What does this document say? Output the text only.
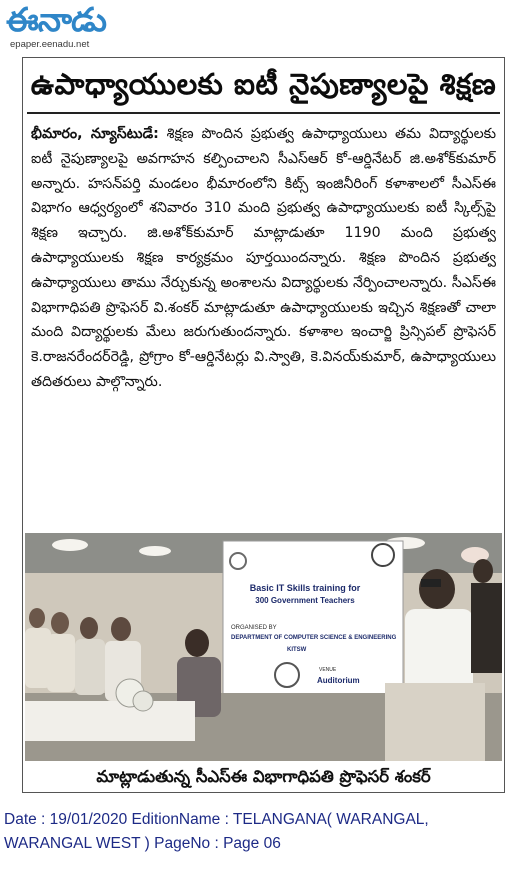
ఈనాడు
epaper.eenadu.net
ఉపాధ్యాయులకు ఐటీ నైపుణ్యాలపై శిక్షణ
భీమారం, న్యూస్‌టుడే: శిక్షణ పొందిన ప్రభుత్వ ఉపాధ్యాయులు తమ విద్యార్థులకు ఐటీ నైపుణ్యాలపై అవగాహన కల్పించాలని సీఎస్‌ఆర్ కో-ఆర్డినేటర్ జి.అశోక్‌కుమార్ అన్నారు. హసన్‌పర్తి మండలం భీమారంలోని కిట్స్ ఇంజినీరింగ్ కళాశాలలో సీఎస్‌ఈ విభాగం ఆధ్వర్యంలో శనివారం 310 మంది ప్రభుత్వ ఉపాధ్యాయులకు ఐటీ స్కిల్స్‌పై శిక్షణ ఇచ్చారు. జి.అశోక్‌కుమార్ మాట్లాడుతూ 1190 మంది ప్రభుత్వ ఉపాధ్యాయులకు శిక్షణ కార్యక్రమం పూర్తయిందన్నారు. శిక్షణ పొందిన ప్రభుత్వ ఉపాధ్యాయులు తాము నేర్చుకున్న అంశాలను విద్యార్థులకు నేర్పించాలన్నారు. సీఎస్‌ఈ విభాగాధిపతి ప్రొఫెసర్ వి.శంకర్ మాట్లాడుతూ ఉపాధ్యాయులకు ఇచ్చిన శిక్షణతో చాలా మంది విద్యార్థులకు మేలు జరుగుతుందన్నారు. కళాశాల ఇంచార్జి ప్రిన్సిపల్ ప్రొఫెసర్ కె.రాజనరేందర్‌రెడ్డి, ప్రోగ్రాం కో-ఆర్డినేటర్లు వి.స్వాతి, కె.వినయ్‌కుమార్, ఉపాధ్యాయులు తదితరులు పాల్గొన్నారు.
Basic IT Skills training for
300 Government Teachers
ORGANISED BY
DEPARTMENT OF COMPUTER SCIENCE & ENGINEERING
KITSW
VENUE
Auditorium
మాట్లాడుతున్న సీఎస్‌ఈ విభాగాధిపతి ప్రొఫెసర్ శంకర్
Date : 19/01/2020 EditionName : TELANGANA( WARANGAL,
WARANGAL WEST ) PageNo : Page 06
